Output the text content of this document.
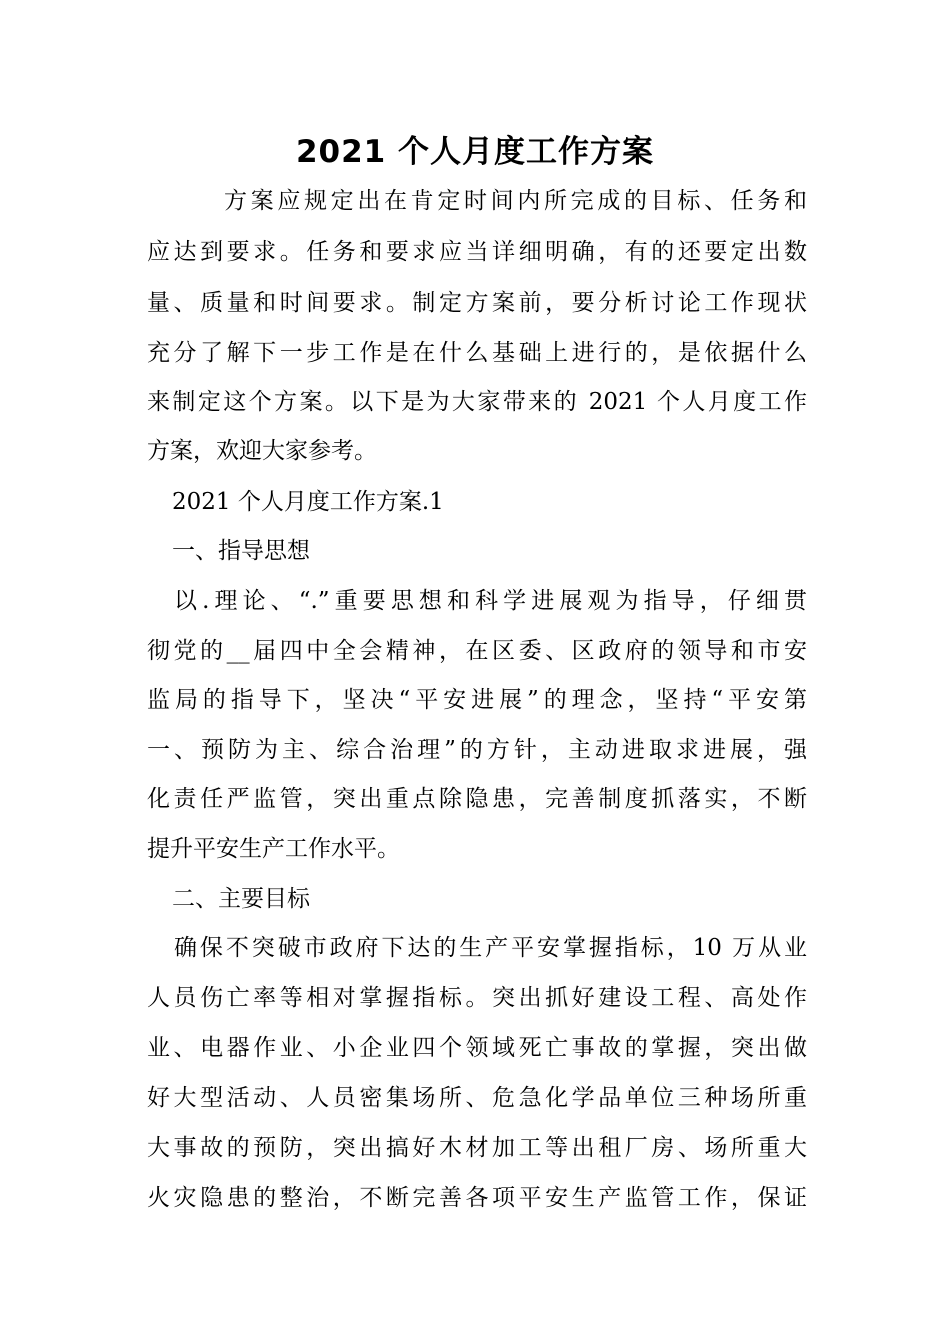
2021 个人月度工作方案
方案应规定出在肯定时间内所完成的目标、任务和
应达到要求。任务和要求应当详细明确，有的还要定出数
量、质量和时间要求。制定方案前，要分析讨论工作现状
充分了解下一步工作是在什么基础上进行的，是依据什么
来制定这个方案。以下是为大家带来的 2021 个人月度工作
方案，欢迎大家参考。
2021 个人月度工作方案.1
一、指导思想
以.理论、“.”重要思想和科学进展观为指导，仔细贯
彻党的__届四中全会精神，在区委、区政府的领导和市安
监局的指导下，坚决“平安进展”的理念，坚持“平安第
一、预防为主、综合治理”的方针，主动进取求进展，强
化责任严监管，突出重点除隐患，完善制度抓落实，不断
提升平安生产工作水平。
二、主要目标
确保不突破市政府下达的生产平安掌握指标，10 万从业
人员伤亡率等相对掌握指标。突出抓好建设工程、高处作
业、电器作业、小企业四个领域死亡事故的掌握，突出做
好大型活动、人员密集场所、危急化学品单位三种场所重
大事故的预防，突出搞好木材加工等出租厂房、场所重大
火灾隐患的整治，不断完善各项平安生产监管工作，保证
